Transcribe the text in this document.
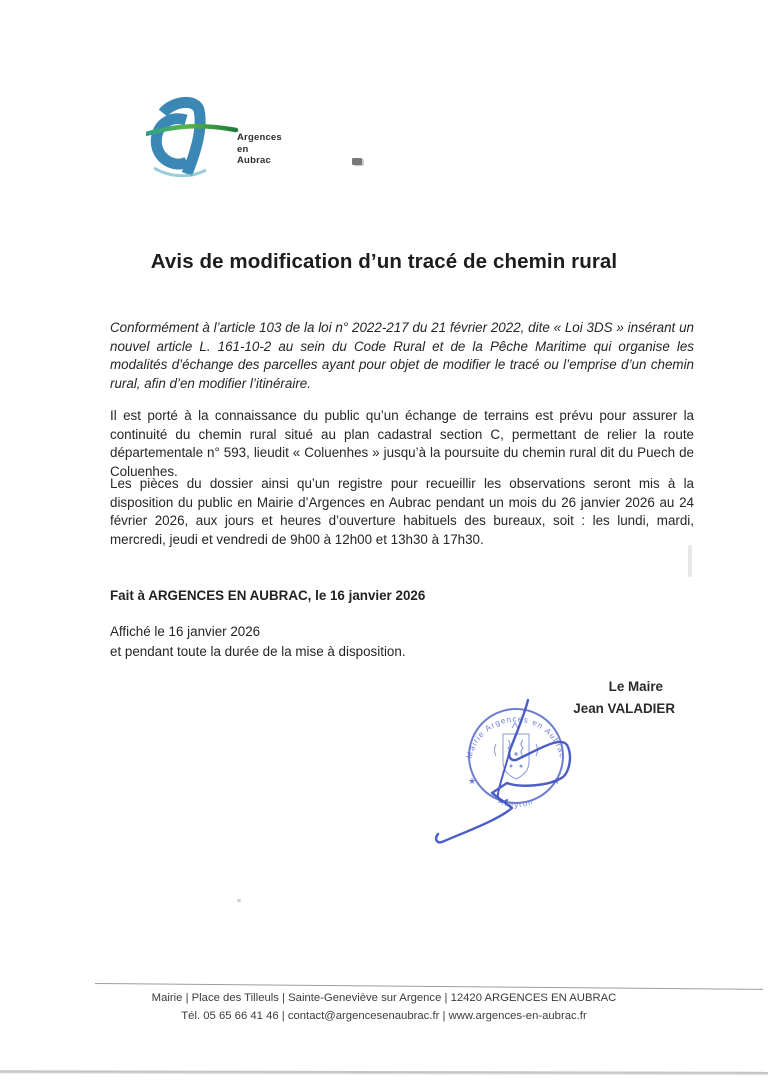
Argences
en
Aubrac
Avis de modification d’un tracé de chemin rural
Conformément à l’article 103 de la loi n° 2022-217 du 21 février 2022, dite « Loi 3DS » insérant un nouvel article L. 161-10-2 au sein du Code Rural et de la Pêche Maritime qui organise les modalités d’échange des parcelles ayant pour objet de modifier le tracé ou l’emprise d’un chemin rural, afin d’en modifier l’itinéraire.
Il est porté à la connaissance du public qu’un échange de terrains est prévu pour assurer la continuité du chemin rural situé au plan cadastral section C, permettant de relier la route départementale n° 593, lieudit « Coluenhes » jusqu’à la poursuite du chemin rural dit du Puech de Coluenhes.
Les pièces du dossier ainsi qu’un registre pour recueillir les observations seront mis à la disposition du public en Mairie d’Argences en Aubrac pendant un mois du 26 janvier 2026 au 24 février 2026, aux jours et heures d’ouverture habituels des bureaux, soit : les lundi, mardi, mercredi, jeudi et vendredi de 9h00 à 12h00 et 13h30 à 17h30.
Fait à ARGENCES EN AUBRAC, le 16 janvier 2026
Affiché le 16 janvier 2026
et pendant toute la durée de la mise à disposition.
Le Maire
Jean VALADIER
Mairie Argences en Aubrac
Aveyron
★	★
Mairie | Place des Tilleuls | Sainte-Geneviève sur Argence | 12420 ARGENCES EN AUBRAC
Tél. 05 65 66 41 46 | contact@argencesenaubrac.fr | www.argences-en-aubrac.fr
